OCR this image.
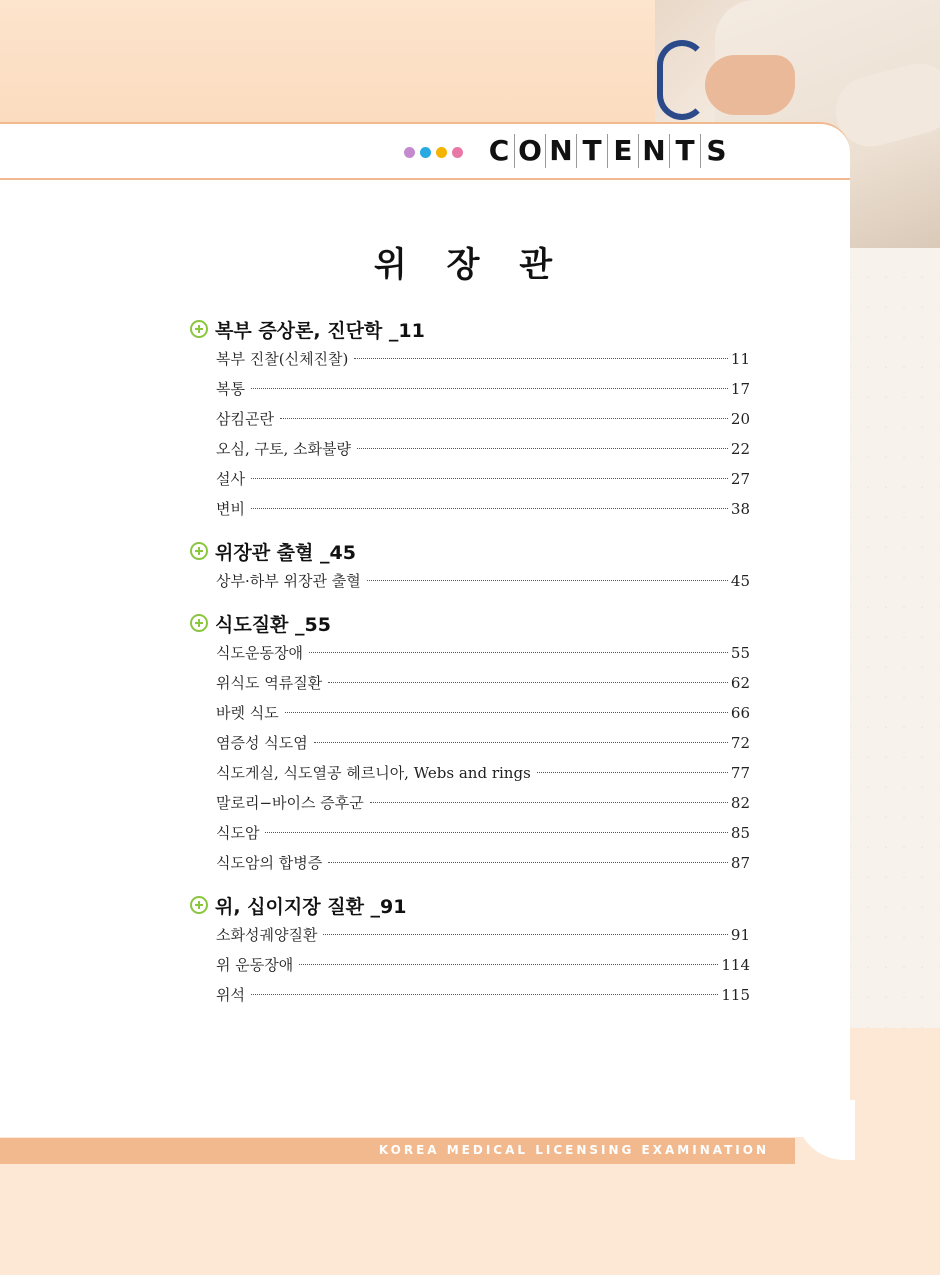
C O N T E N T S
위 장 관
복부 증상론, 진단학 _11
복부 진찰(신체진찰)	11
복통	17
삼킴곤란	20
오심, 구토, 소화불량	22
설사	27
변비	38
위장관 출혈 _45
상부·하부 위장관 출혈	45
식도질환 _55
식도운동장애	55
위식도 역류질환	62
바렛 식도	66
염증성 식도염	72
식도게실, 식도열공 헤르니아, Webs and rings	77
말로리−바이스 증후군	82
식도암	85
식도암의 합병증	87
위, 십이지장 질환 _91
소화성궤양질환	91
위 운동장애	114
위석	115
KOREA MEDICAL LICENSING EXAMINATION
